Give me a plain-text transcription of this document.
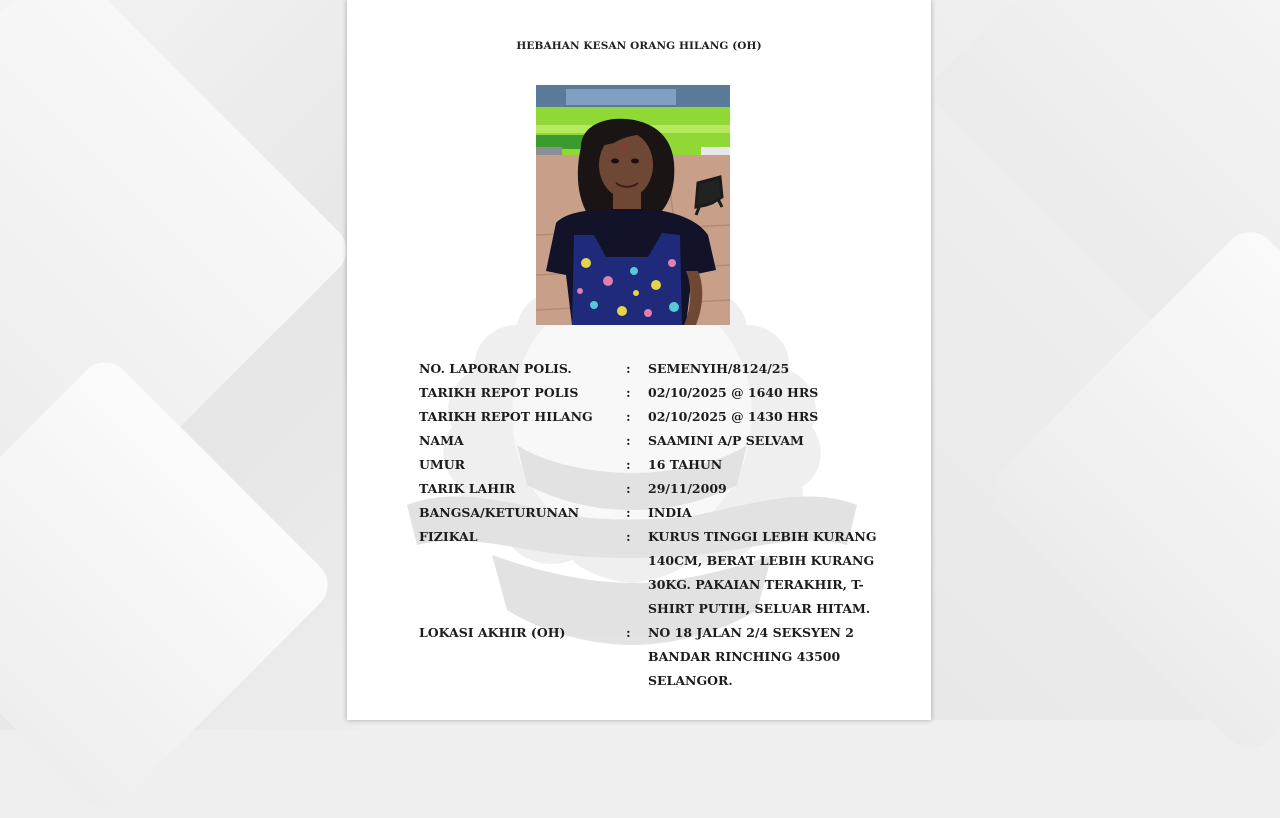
HEBAHAN KESAN ORANG HILANG (OH)
NO. LAPORAN POLIS.	:	SEMENYIH/8124/25
TARIKH REPOT POLIS	:	02/10/2025 @ 1640 HRS
TARIKH REPOT HILANG	:	02/10/2025 @ 1430 HRS
NAMA	:	SAAMINI A/P SELVAM
UMUR	:	16 TAHUN
TARIK LAHIR	:	29/11/2009
BANGSA/KETURUNAN	:	INDIA
FIZIKAL	:	KURUS TINGGI LEBIH KURANG
140CM, BERAT LEBIH KURANG
30KG. PAKAIAN TERAKHIR, T-
SHIRT PUTIH, SELUAR HITAM.
LOKASI AKHIR (OH)	:	NO 18 JALAN 2/4 SEKSYEN 2
BANDAR RINCHING 43500
SELANGOR.
